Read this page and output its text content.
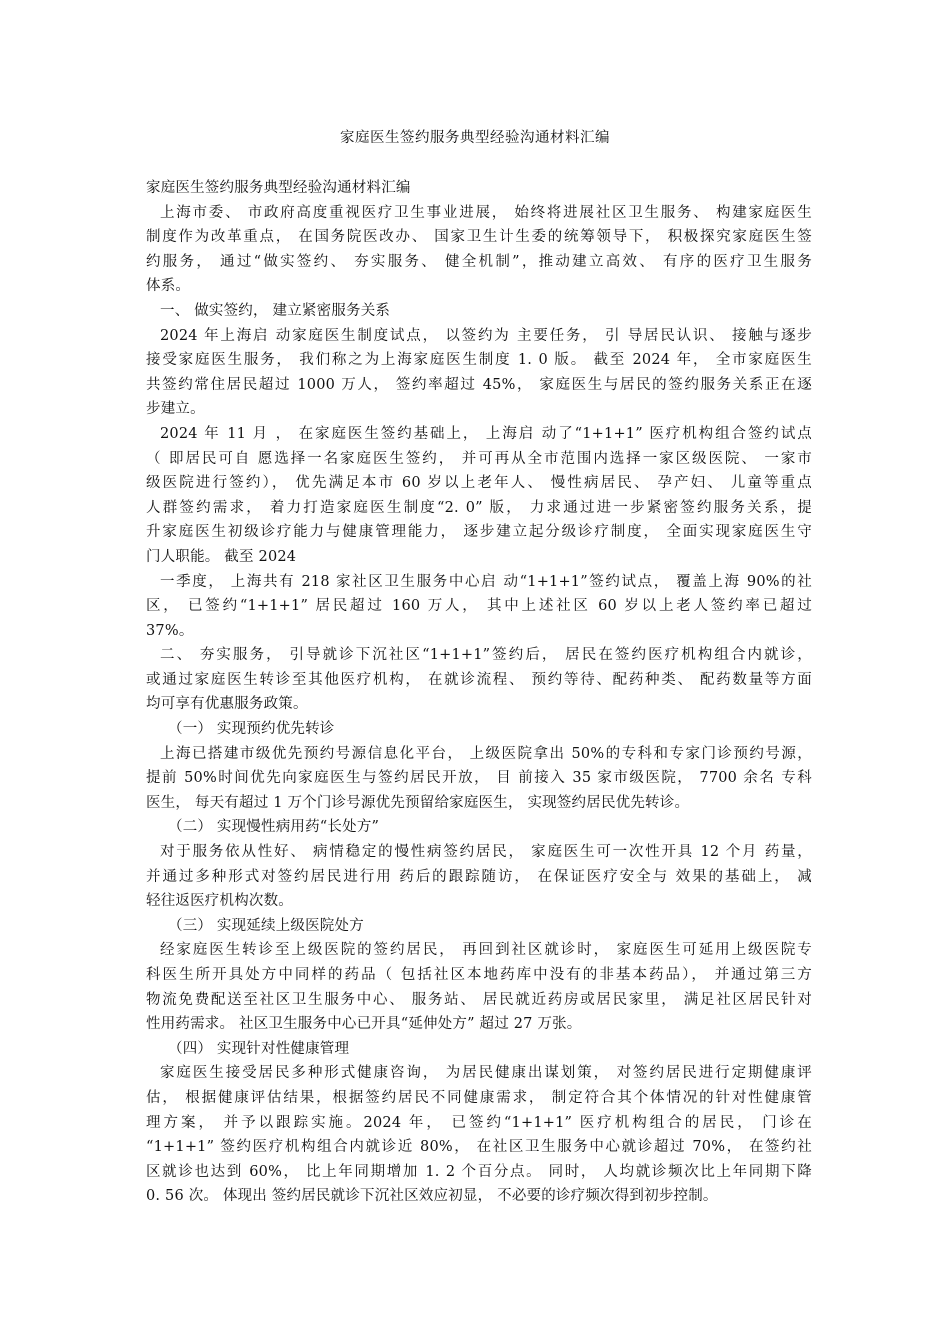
家庭医生签约服务典型经验沟通材料汇编
家庭医生签约服务典型经验沟通材料汇编
上海市委、 市政府高度重视医疗卫生事业进展， 始终将进展社区卫生服务、 构建家庭医生
制度作为改革重点， 在国务院医改办、 国家卫生计生委的统筹领导下， 积极探究家庭医生签
约服务， 通过“做实签约、 夯实服务、 健全机制”，推动建立高效、 有序的医疗卫生服务
体系。
一、 做实签约， 建立紧密服务关系
2024 年上海启 动家庭医生制度试点， 以签约为 主要任务， 引 导居民认识、 接触与逐步
接受家庭医生服务， 我们称之为上海家庭医生制度 1. 0 版。 截至 2024 年， 全市家庭医生
共签约常住居民超过 1000 万人， 签约率超过 45%， 家庭医生与居民的签约服务关系正在逐
步建立。
2024 年 11 月 ， 在家庭医生签约基础上， 上海启 动了“1+1+1” 医疗机构组合签约试点
（ 即居民可自 愿选择一名家庭医生签约， 并可再从全市范围内选择一家区级医院、 一家市
级医院进行签约）， 优先满足本市 60 岁以上老年人、 慢性病居民、 孕产妇、 儿童等重点
人群签约需求， 着力打造家庭医生制度“2. 0” 版， 力求通过进一步紧密签约服务关系，提
升家庭医生初级诊疗能力与健康管理能力， 逐步建立起分级诊疗制度， 全面实现家庭医生守
门人职能。 截至 2024
一季度， 上海共有 218 家社区卫生服务中心启 动“1+1+1”签约试点， 覆盖上海 90%的社
区， 已签约“1+1+1” 居民超过 160 万人， 其中上述社区 60 岁以上老人签约率已超过
37%。
二、 夯实服务， 引导就诊下沉社区“1+1+1”签约后， 居民在签约医疗机构组合内就诊，
或通过家庭医生转诊至其他医疗机构， 在就诊流程、 预约等待、配药种类、 配药数量等方面
均可享有优惠服务政策。
（一） 实现预约优先转诊
上海已搭建市级优先预约号源信息化平台， 上级医院拿出 50%的专科和专家门诊预约号源，
提前 50%时间优先向家庭医生与签约居民开放， 目 前接入 35 家市级医院， 7700 余名 专科
医生， 每天有超过 1 万个门诊号源优先预留给家庭医生， 实现签约居民优先转诊。
（二） 实现慢性病用药“长处方”
对于服务依从性好、 病情稳定的慢性病签约居民， 家庭医生可一次性开具 12 个月 药量，
并通过多种形式对签约居民进行用 药后的跟踪随访， 在保证医疗安全与 效果的基础上， 减
轻往返医疗机构次数。
（三） 实现延续上级医院处方
经家庭医生转诊至上级医院的签约居民， 再回到社区就诊时， 家庭医生可延用上级医院专
科医生所开具处方中同样的药品（ 包括社区本地药库中没有的非基本药品）， 并通过第三方
物流免费配送至社区卫生服务中心、 服务站、 居民就近药房或居民家里， 满足社区居民针对
性用药需求。 社区卫生服务中心已开具“延伸处方” 超过 27 万张。
（四） 实现针对性健康管理
家庭医生接受居民多种形式健康咨询， 为居民健康出谋划策， 对签约居民进行定期健康评
估， 根据健康评估结果，根据签约居民不同健康需求， 制定符合其个体情况的针对性健康管
理方案， 并予以跟踪实施。2024 年， 已签约“1+1+1” 医疗机构组合的居民， 门诊在
“1+1+1” 签约医疗机构组合内就诊近 80%， 在社区卫生服务中心就诊超过 70%， 在签约社
区就诊也达到 60%， 比上年同期增加 1. 2 个百分点。 同时， 人均就诊频次比上年同期下降
0. 56 次。 体现出 签约居民就诊下沉社区效应初显， 不必要的诊疗频次得到初步控制。
